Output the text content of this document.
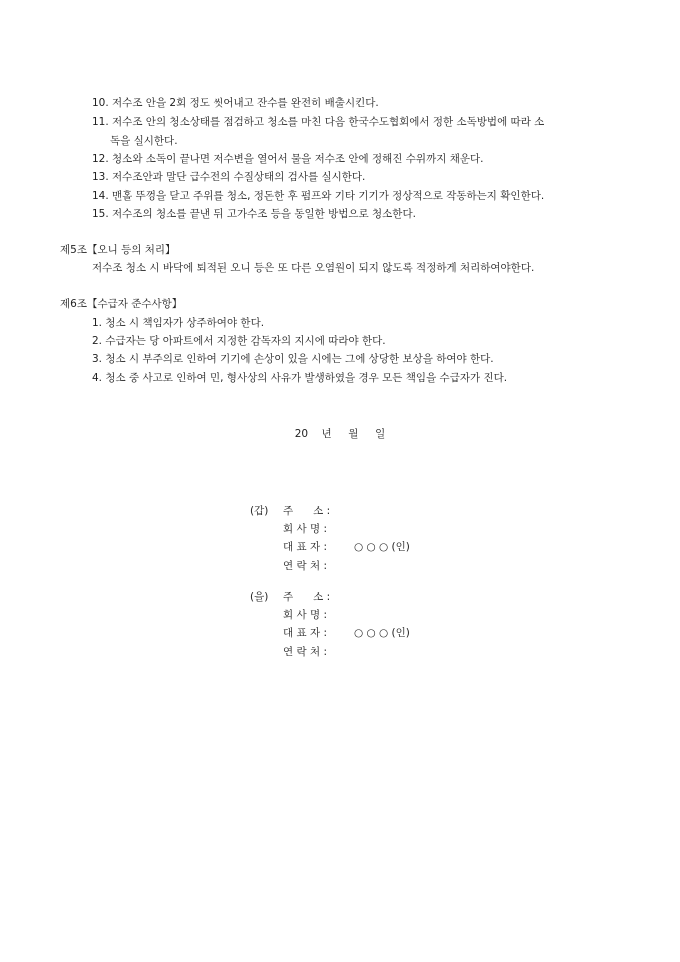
10. 저수조 안을 2회 정도 씻어내고 잔수를 완전히 배출시킨다.
11. 저수조 안의 청소상태를 점검하고 청소를 마친 다음 한국수도협회에서 정한 소독방법에 따라 소
독을 실시한다.
12. 청소와 소독이 끝나면 저수변을 열어서 물을 저수조 안에 정해진 수위까지 채운다.
13. 저수조안과 말단 급수전의 수질상태의 검사를 실시한다.
14. 맨홀 뚜껑을 닫고 주위를 청소, 정돈한 후 펌프와 기타 기기가 정상적으로 작동하는지 확인한다.
15. 저수조의 청소를 끝낸 뒤 고가수조 등을 동일한 방법으로 청소한다.
제5조【오니 등의 처리】
저수조 청소 시 바닥에 퇴적된 오니 등은 또 다른 오염원이 되지 않도록 적정하게 처리하여야한다.
제6조【수급자 준수사항】
1. 청소 시 책임자가 상주하여야 한다.
2. 수급자는 당 아파트에서 지정한 감독자의 지시에 따라야 한다.
3. 청소 시 부주의로 인하여 기기에 손상이 있을 시에는 그에 상당한 보상을 하여야 한다.
4. 청소 중 사고로 인하여 민, 형사상의 사유가 발생하였을 경우 모든 책임을 수급자가 진다.
20    년     월     일
(갑) 주      소 :
회 사 명 :
대 표 자 :	○ ○ ○ (인)
연 락 처 :
(을) 주      소 :
회 사 명 :
대 표 자 :	○ ○ ○ (인)
연 락 처 :
